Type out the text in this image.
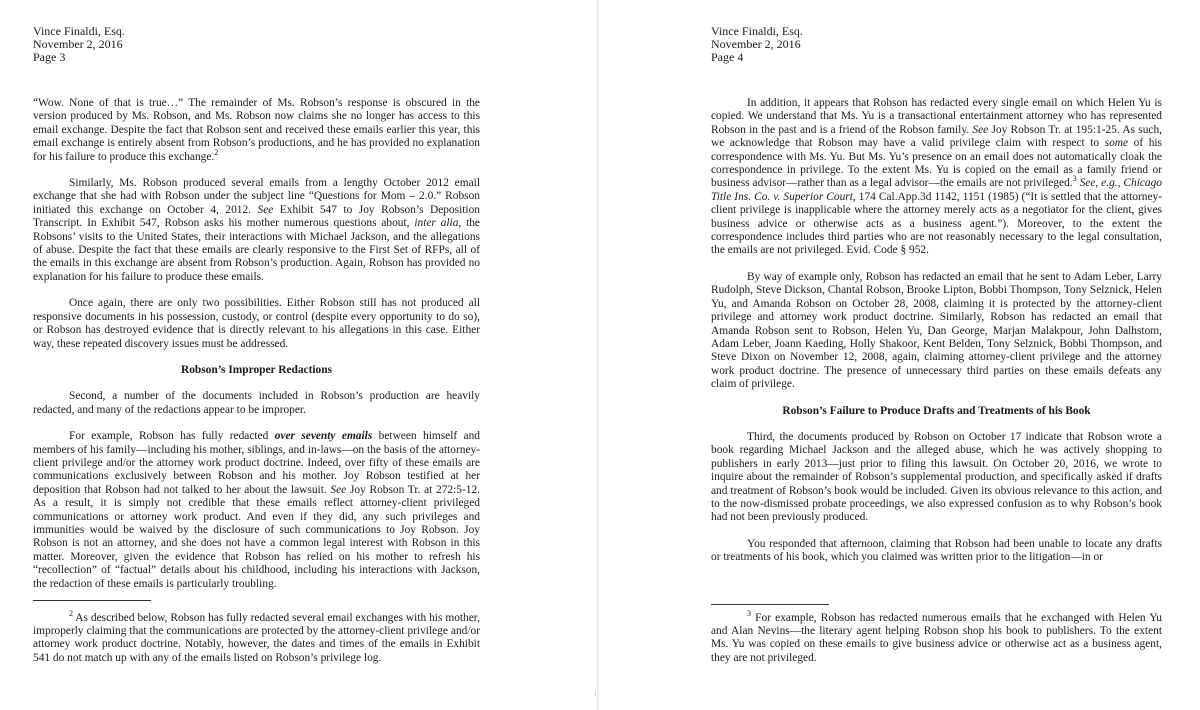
Vince Finaldi, Esq.
November 2, 2016
Page 3

“Wow. None of that is true…” The remainder of Ms. Robson’s response is obscured in the version produced by Ms. Robson, and Ms. Robson now claims she no longer has access to this email exchange. Despite the fact that Robson sent and received these emails earlier this year, this email exchange is entirely absent from Robson’s productions, and he has provided no explanation for his failure to produce this exchange.$^2$

Similarly, Ms. Robson produced several emails from a lengthy October 2012 email exchange that she had with Robson under the subject line “Questions for Mom – 2.0.” Robson initiated this exchange on October 4, 2012. See Exhibit 547 to Joy Robson’s Deposition Transcript. In Exhibit 547, Robson asks his mother numerous questions about, inter alia, the Robsons’ visits to the United States, their interactions with Michael Jackson, and the allegations of abuse. Despite the fact that these emails are clearly responsive to the First Set of RFPs, all of the emails in this exchange are absent from Robson’s production. Again, Robson has provided no explanation for his failure to produce these emails.

Once again, there are only two possibilities. Either Robson still has not produced all responsive documents in his possession, custody, or control (despite every opportunity to do so), or Robson has destroyed evidence that is directly relevant to his allegations in this case. Either way, these repeated discovery issues must be addressed.

Robson’s Improper Redactions

Second, a number of the documents included in Robson’s production are heavily redacted, and many of the redactions appear to be improper.

For example, Robson has fully redacted over seventy emails between himself and members of his family—including his mother, siblings, and in-laws—on the basis of the attorney-client privilege and/or the attorney work product doctrine. Indeed, over fifty of these emails are communications exclusively between Robson and his mother. Joy Robson testified at her deposition that Robson had not talked to her about the lawsuit. See Joy Robson Tr. at 272:5-12. As a result, it is simply not credible that these emails reflect attorney-client privileged communications or attorney work product. And even if they did, any such privileges and immunities would be waived by the disclosure of such communications to Joy Robson. Joy Robson is not an attorney, and she does not have a common legal interest with Robson in this matter. Moreover, given the evidence that Robson has relied on his mother to refresh his “recollection” of “factual” details about his childhood, including his interactions with Jackson, the redaction of these emails is particularly troubling.

$^2$ As described below, Robson has fully redacted several email exchanges with his mother, improperly claiming that the communications are protected by the attorney-client privilege and/or attorney work product doctrine. Notably, however, the dates and times of the emails in Exhibit 541 do not match up with any of the emails listed on Robson’s privilege log.

⁝
Vince Finaldi, Esq.
November 2, 2016
Page 4

In addition, it appears that Robson has redacted every single email on which Helen Yu is copied. We understand that Ms. Yu is a transactional entertainment attorney who has represented Robson in the past and is a friend of the Robson family. See Joy Robson Tr. at 195:1-25. As such, we acknowledge that Robson may have a valid privilege claim with respect to some of his correspondence with Ms. Yu. But Ms. Yu’s presence on an email does not automatically cloak the correspondence in privilege. To the extent Ms. Yu is copied on the email as a family friend or business advisor—rather than as a legal advisor—the emails are not privileged.$^3$ See, e.g., Chicago Title Ins. Co. v. Superior Court, 174 Cal.App.3d 1142, 1151 (1985) (“It is settled that the attorney-client privilege is inapplicable where the attorney merely acts as a negotiator for the client, gives business advice or otherwise acts as a business agent.”). Moreover, to the extent the correspondence includes third parties who are not reasonably necessary to the legal consultation, the emails are not privileged. Evid. Code § 952.

By way of example only, Robson has redacted an email that he sent to Adam Leber, Larry Rudolph, Steve Dickson, Chantal Robson, Brooke Lipton, Bobbi Thompson, Tony Selznick, Helen Yu, and Amanda Robson on October 28, 2008, claiming it is protected by the attorney-client privilege and attorney work product doctrine. Similarly, Robson has redacted an email that Amanda Robson sent to Robson, Helen Yu, Dan George, Marjan Malakpour, John Dalhstom, Adam Leber, Joann Kaeding, Holly Shakoor, Kent Belden, Tony Selznick, Bobbi Thompson, and Steve Dixon on November 12, 2008, again, claiming attorney-client privilege and the attorney work product doctrine. The presence of unnecessary third parties on these emails defeats any claim of privilege.

Robson’s Failure to Produce Drafts and Treatments of his Book

Third, the documents produced by Robson on October 17 indicate that Robson wrote a book regarding Michael Jackson and the alleged abuse, which he was actively shopping to publishers in early 2013—just prior to filing this lawsuit. On October 20, 2016, we wrote to inquire about the remainder of Robson’s supplemental production, and specifically asked if drafts and treatment of Robson’s book would be included. Given its obvious relevance to this action, and to the now-dismissed probate proceedings, we also expressed confusion as to why Robson’s book had not been previously produced.

You responded that afternoon, claiming that Robson had been unable to locate any drafts or treatments of his book, which you claimed was written prior to the litigation—in or

$^3$ For example, Robson has redacted numerous emails that he exchanged with Helen Yu and Alan Nevins—the literary agent helping Robson shop his book to publishers. To the extent Ms. Yu was copied on these emails to give business advice or otherwise act as a business agent, they are not privileged.
